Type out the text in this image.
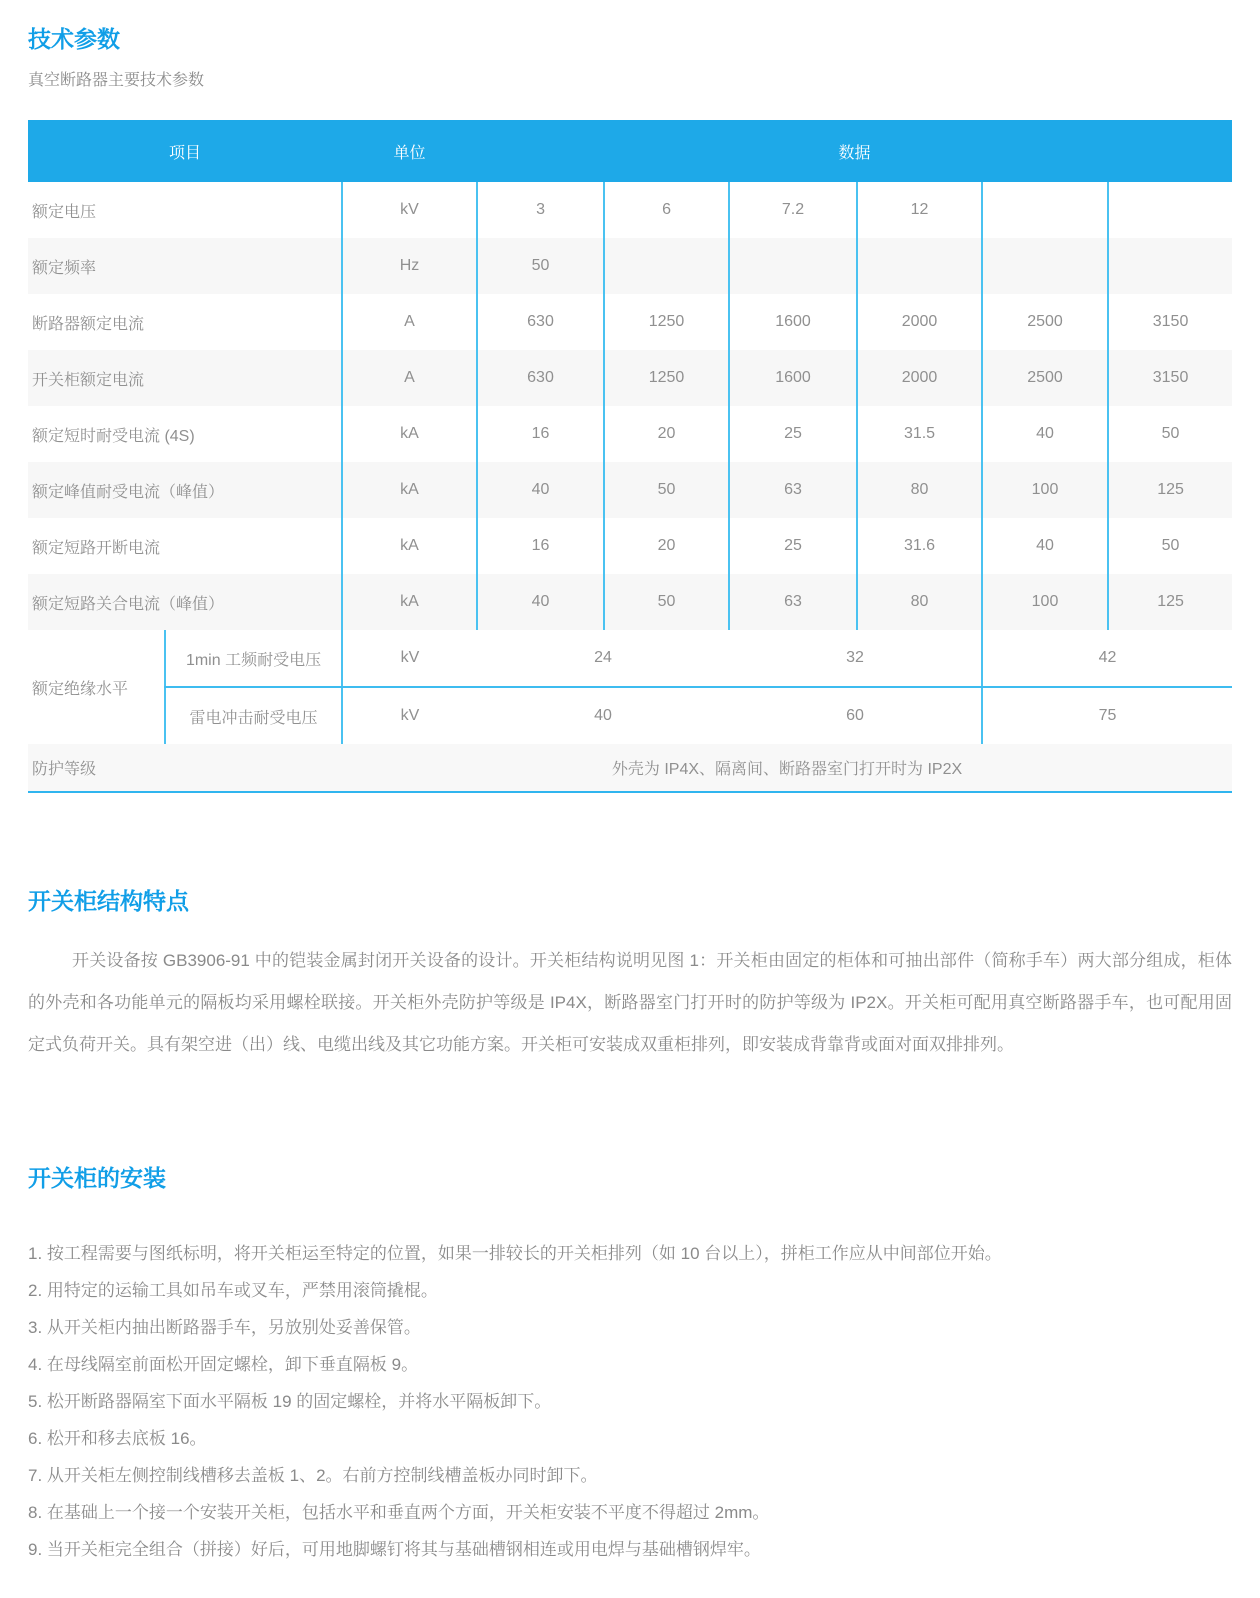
技术参数

真空断路器主要技术参数

项目		单位	数据					
额定电压		kV	3	6	7.2	12		
额定频率		Hz	50					
断路器额定电流		A	630	1250	1600	2000	2500	3150
开关柜额定电流		A	630	1250	1600	2000	2500	3150
额定短时耐受电流 (4S)		kA	16	20	25	31.5	40	50
额定峰值耐受电流（峰值）		kA	40	50	63	80	100	125
额定短路开断电流		kA	16	20	25	31.6	40	50
额定短路关合电流（峰值）		kA	40	50	63	80	100	125
额定绝缘水平	1min 工频耐受电压	kV	24		32		42	
	雷电冲击耐受电压	kV	40		60		75	
防护等级		外壳为 IP4X、隔离间、断路器室门打开时为 IP2X						
开关柜结构特点

开关设备按 GB3906-91 中的铠装金属封闭开关设备的设计。开关柜结构说明见图 1：开关柜由固定的柜体和可抽出部件（简称手车）两大部分组成，柜体的外壳和各功能单元的隔板均采用螺栓联接。开关柜外壳防护等级是 IP4X，断路器室门打开时的防护等级为 IP2X。开关柜可配用真空断路器手车，也可配用固定式负荷开关。具有架空进（出）线、电缆出线及其它功能方案。开关柜可安装成双重柜排列，即安装成背靠背或面对面双排排列。

开关柜的安装
1. 按工程需要与图纸标明，将开关柜运至特定的位置，如果一排较长的开关柜排列（如 10 台以上），拼柜工作应从中间部位开始。
2. 用特定的运输工具如吊车或叉车，严禁用滚筒撬棍。
3. 从开关柜内抽出断路器手车，另放别处妥善保管。
4. 在母线隔室前面松开固定螺栓，卸下垂直隔板 9。
5. 松开断路器隔室下面水平隔板 19 的固定螺栓，并将水平隔板卸下。
6. 松开和移去底板 16。
7. 从开关柜左侧控制线槽移去盖板 1、2。右前方控制线槽盖板办同时卸下。
8. 在基础上一个接一个安装开关柜，包括水平和垂直两个方面，开关柜安装不平度不得超过 2mm。
9. 当开关柜完全组合（拼接）好后，可用地脚螺钉将其与基础槽钢相连或用电焊与基础槽钢焊牢。
